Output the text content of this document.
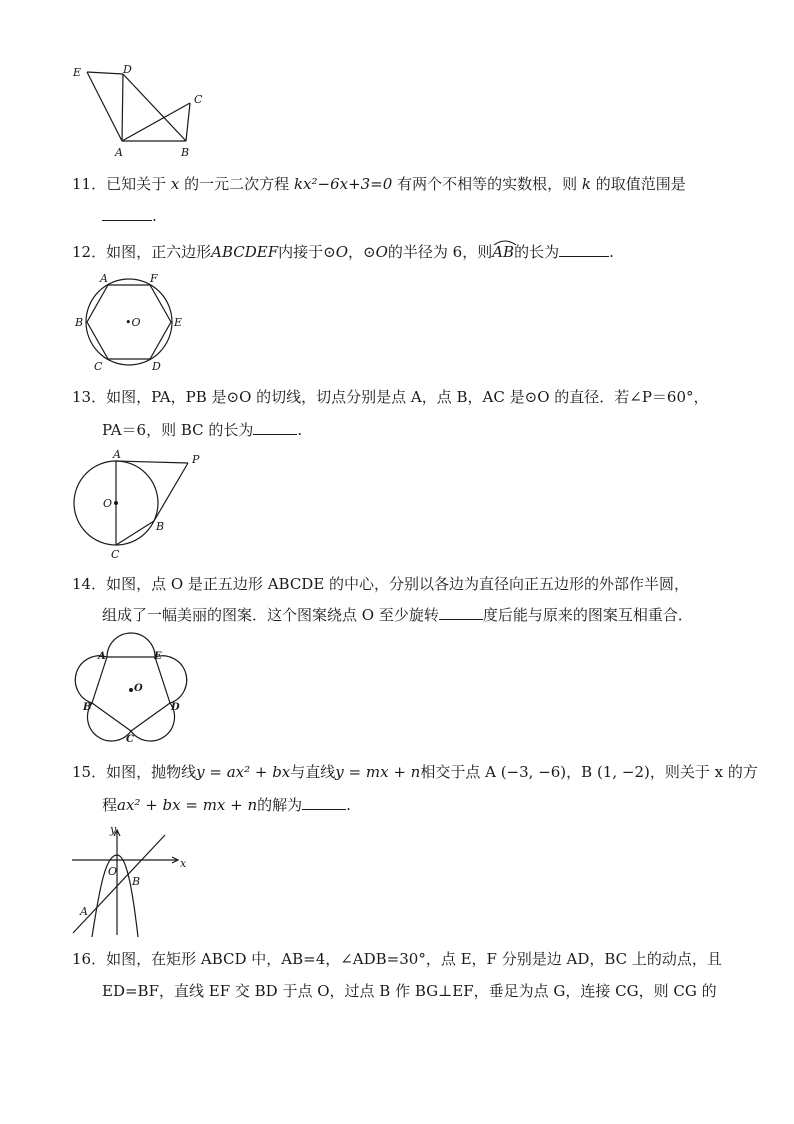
E	D
C
A	B
11．已知关于 x 的一元二次方程 kx²−6x+3=0 有两个不相等的实数根，则 k 的取值范围是
.
12．如图，正六边形ABCDEF内接于⊙O，⊙O的半径为 6，则
AB的长为	.
A	F
B	•O	E
C	D
13．如图，PA，PB 是⊙O 的切线，切点分别是点 A，点 B，AC 是⊙O 的直径．若∠P＝60°，
PA＝6，则 BC 的长为	.
A	P
O
B
C
14．如图，点 O 是正五边形 ABCDE 的中心，分别以各边为直径向正五边形的外部作半圆，
组成了一幅美丽的图案．这个图案绕点 O 至少旋转	度后能与原来的图案互相重合．
A	E
O
B	D
C
15．如图，抛物线y = ax² + bx与直线y = mx + n相交于点 A (−3, −6)，B (1, −2)，则关于 x 的方
程ax² + bx = mx + n的解为	.
y
x
O
B
A
16．如图，在矩形 ABCD 中，AB=4，∠ADB=30°，点 E，F 分别是边 AD，BC 上的动点，且
ED=BF，直线 EF 交 BD 于点 O，过点 B 作 BG⊥EF，垂足为点 G，连接 CG，则 CG 的
